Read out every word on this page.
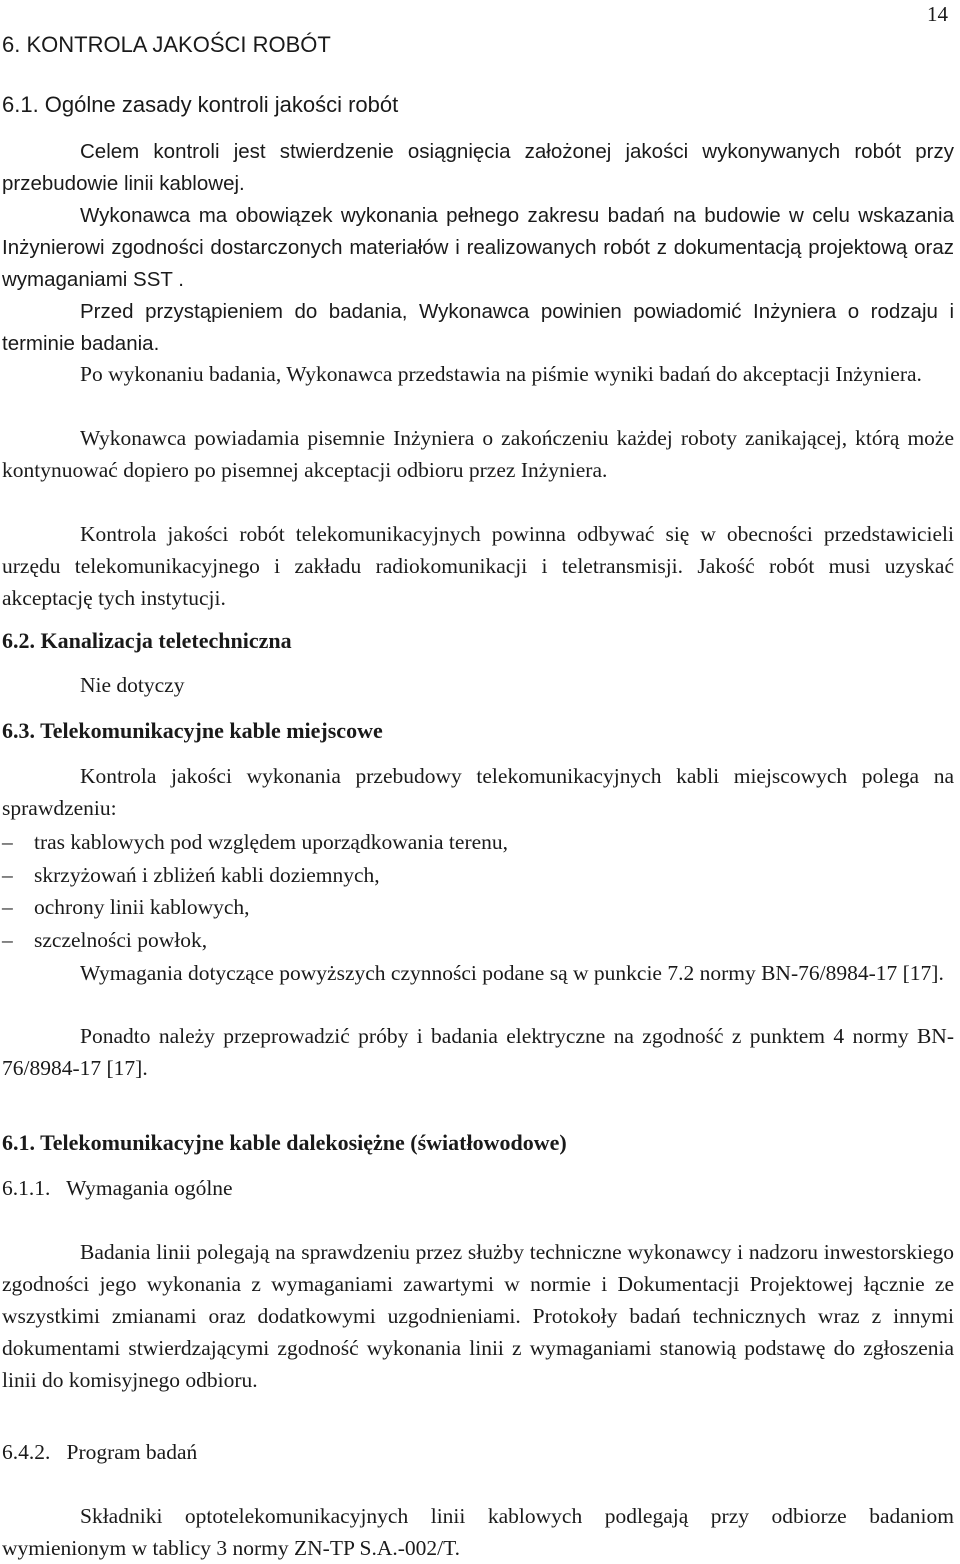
14
6. KONTROLA JAKOŚCI ROBÓT
6.1. Ogólne zasady kontroli jakości robót

Celem kontroli jest stwierdzenie osiągnięcia założonej jakości wykonywanych robót przy przebudowie linii kablowej.

Wykonawca ma obowiązek wykonania pełnego zakresu badań na budowie w celu wskazania Inżynierowi zgodności dostarczonych materiałów i realizowanych robót z dokumentacją projektową oraz wymaganiami SST .

Przed przystąpieniem do badania, Wykonawca powinien powiadomić Inżyniera o rodzaju i terminie badania.

Po wykonaniu badania, Wykonawca przedstawia na piśmie wyniki badań do akceptacji Inżyniera.

Wykonawca powiadamia pisemnie Inżyniera o zakończeniu każdej roboty zanikającej, którą może kontynuować dopiero po pisemnej akceptacji odbioru przez Inżyniera.

Kontrola jakości robót telekomunikacyjnych powinna odbywać się w obecności przedstawicieli urzędu telekomunikacyjnego i zakładu radiokomunikacji i teletransmisji. Jakość robót musi uzyskać akceptację tych instytucji.

6.2. Kanalizacja teletechniczna
Nie dotyczy
6.3. Telekomunikacyjne kable miejscowe

Kontrola jakości wykonania przebudowy telekomunikacyjnych kabli miejscowych polega na sprawdzeniu:

– tras kablowych pod względem uporządkowania terenu,
– skrzyżowań i zbliżeń kabli doziemnych,
– ochrony linii kablowych,
– szczelności powłok,

Wymagania dotyczące powyższych czynności podane są w punkcie 7.2 normy BN-76/8984-17 [17].

Ponadto należy przeprowadzić próby i badania elektryczne na zgodność z punktem 4 normy BN-76/8984-17 [17].

6.1. Telekomunikacyjne kable dalekosiężne (światłowodowe)
6.1.1.   Wymagania ogólne

Badania linii polegają na sprawdzeniu przez służby techniczne wykonawcy i nadzoru inwestorskiego zgodności jego wykonania z wymaganiami zawartymi w normie i Dokumentacji Projektowej łącznie ze wszystkimi zmianami oraz dodatkowymi uzgodnieniami. Protokoły badań technicznych wraz z innymi dokumentami stwierdzającymi zgodność wykonania linii z wymaganiami stanowią podstawę do zgłoszenia linii do komisyjnego odbioru.

6.4.2.   Program badań

Składniki optotelekomunikacyjnych linii kablowych podlegają przy odbiorze badaniom wymienionym w tablicy 3 normy ZN-TP S.A.-002/T.
